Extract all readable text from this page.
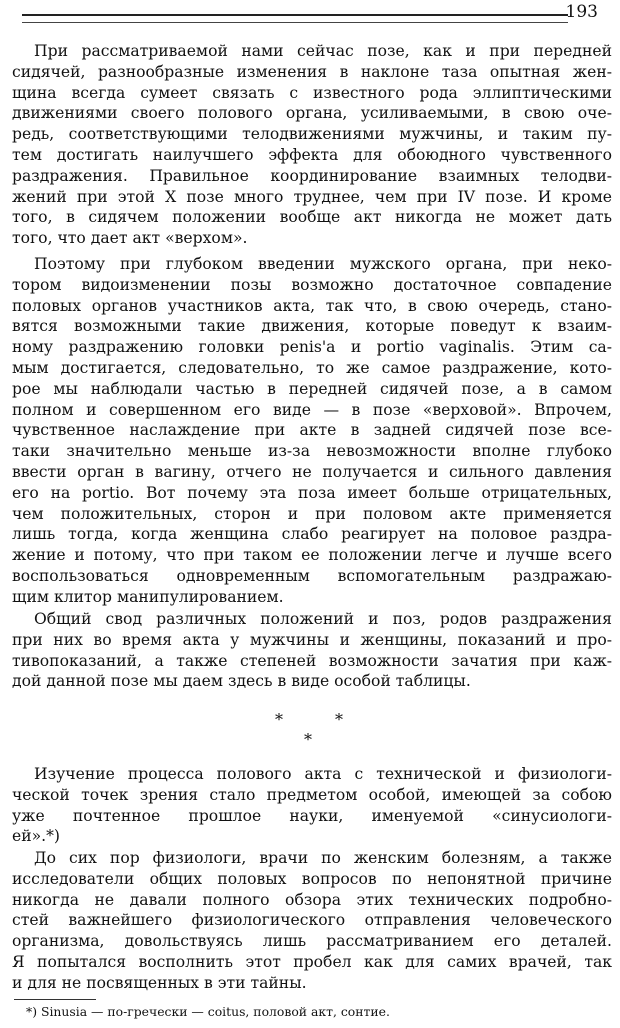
193
При рассматриваемой нами сейчас позе, как и при передней
сидячей, разнообразные изменения в наклоне таза опытная жен-
щина всегда сумеет связать с известного рода эллиптическими
движениями своего полового органа, усиливаемыми, в свою оче-
редь, соответствующими телодвижениями мужчины, и таким пу-
тем достигать наилучшего эффекта для обоюдного чувственного
раздражения. Правильное координирование взаимных телодви-
жений при этой X позе много труднее, чем при IV позе. И кроме
того, в сидячем положении вообще акт никогда не может дать
того, что дает акт «верхом».
Поэтому при глубоком введении мужского органа, при неко-
тором видоизменении позы возможно достаточное совпадение
половых органов участников акта, так что, в свою очередь, стано-
вятся возможными такие движения, которые поведут к взаим-
ному раздражению головки penis'а и portio vaginalis. Этим са-
мым достигается, следовательно, то же самое раздражение, кото-
рое мы наблюдали частью в передней сидячей позе, а в самом
полном и совершенном его виде — в позе «верховой». Впрочем,
чувственное наслаждение при акте в задней сидячей позе все-
таки значительно меньше из-за невозможности вполне глубоко
ввести орган в вагину, отчего не получается и сильного давления
его на portio. Вот почему эта поза имеет больше отрицательных,
чем положительных, сторон и при половом акте применяется
лишь тогда, когда женщина слабо реагирует на половое раздра-
жение и потому, что при таком ее положении легче и лучше всего
воспользоваться одновременным вспомогательным раздражаю-
щим клитор манипулированием.
Общий свод различных положений и поз, родов раздражения
при них во время акта у мужчины и женщины, показаний и про-
тивопоказаний, а также степеней возможности зачатия при каж-
дой данной позе мы даем здесь в виде особой таблицы.
*	*
*
Изучение процесса полового акта с технической и физиологи-
ческой точек зрения стало предметом особой, имеющей за собою
уже почтенное прошлое науки, именуемой «синусиологи-
ей».*)
До сих пор физиологи, врачи по женским болезням, а также
исследователи общих половых вопросов по непонятной причине
никогда не давали полного обзора этих технических подробно-
стей важнейшего физиологического отправления человеческого
организма, довольствуясь лишь рассматриванием его деталей.
Я попытался восполнить этот пробел как для самих врачей, так
и для не посвященных в эти тайны.
*) Sinusia — по-гречески — coitus, половой акт, сонтие.
